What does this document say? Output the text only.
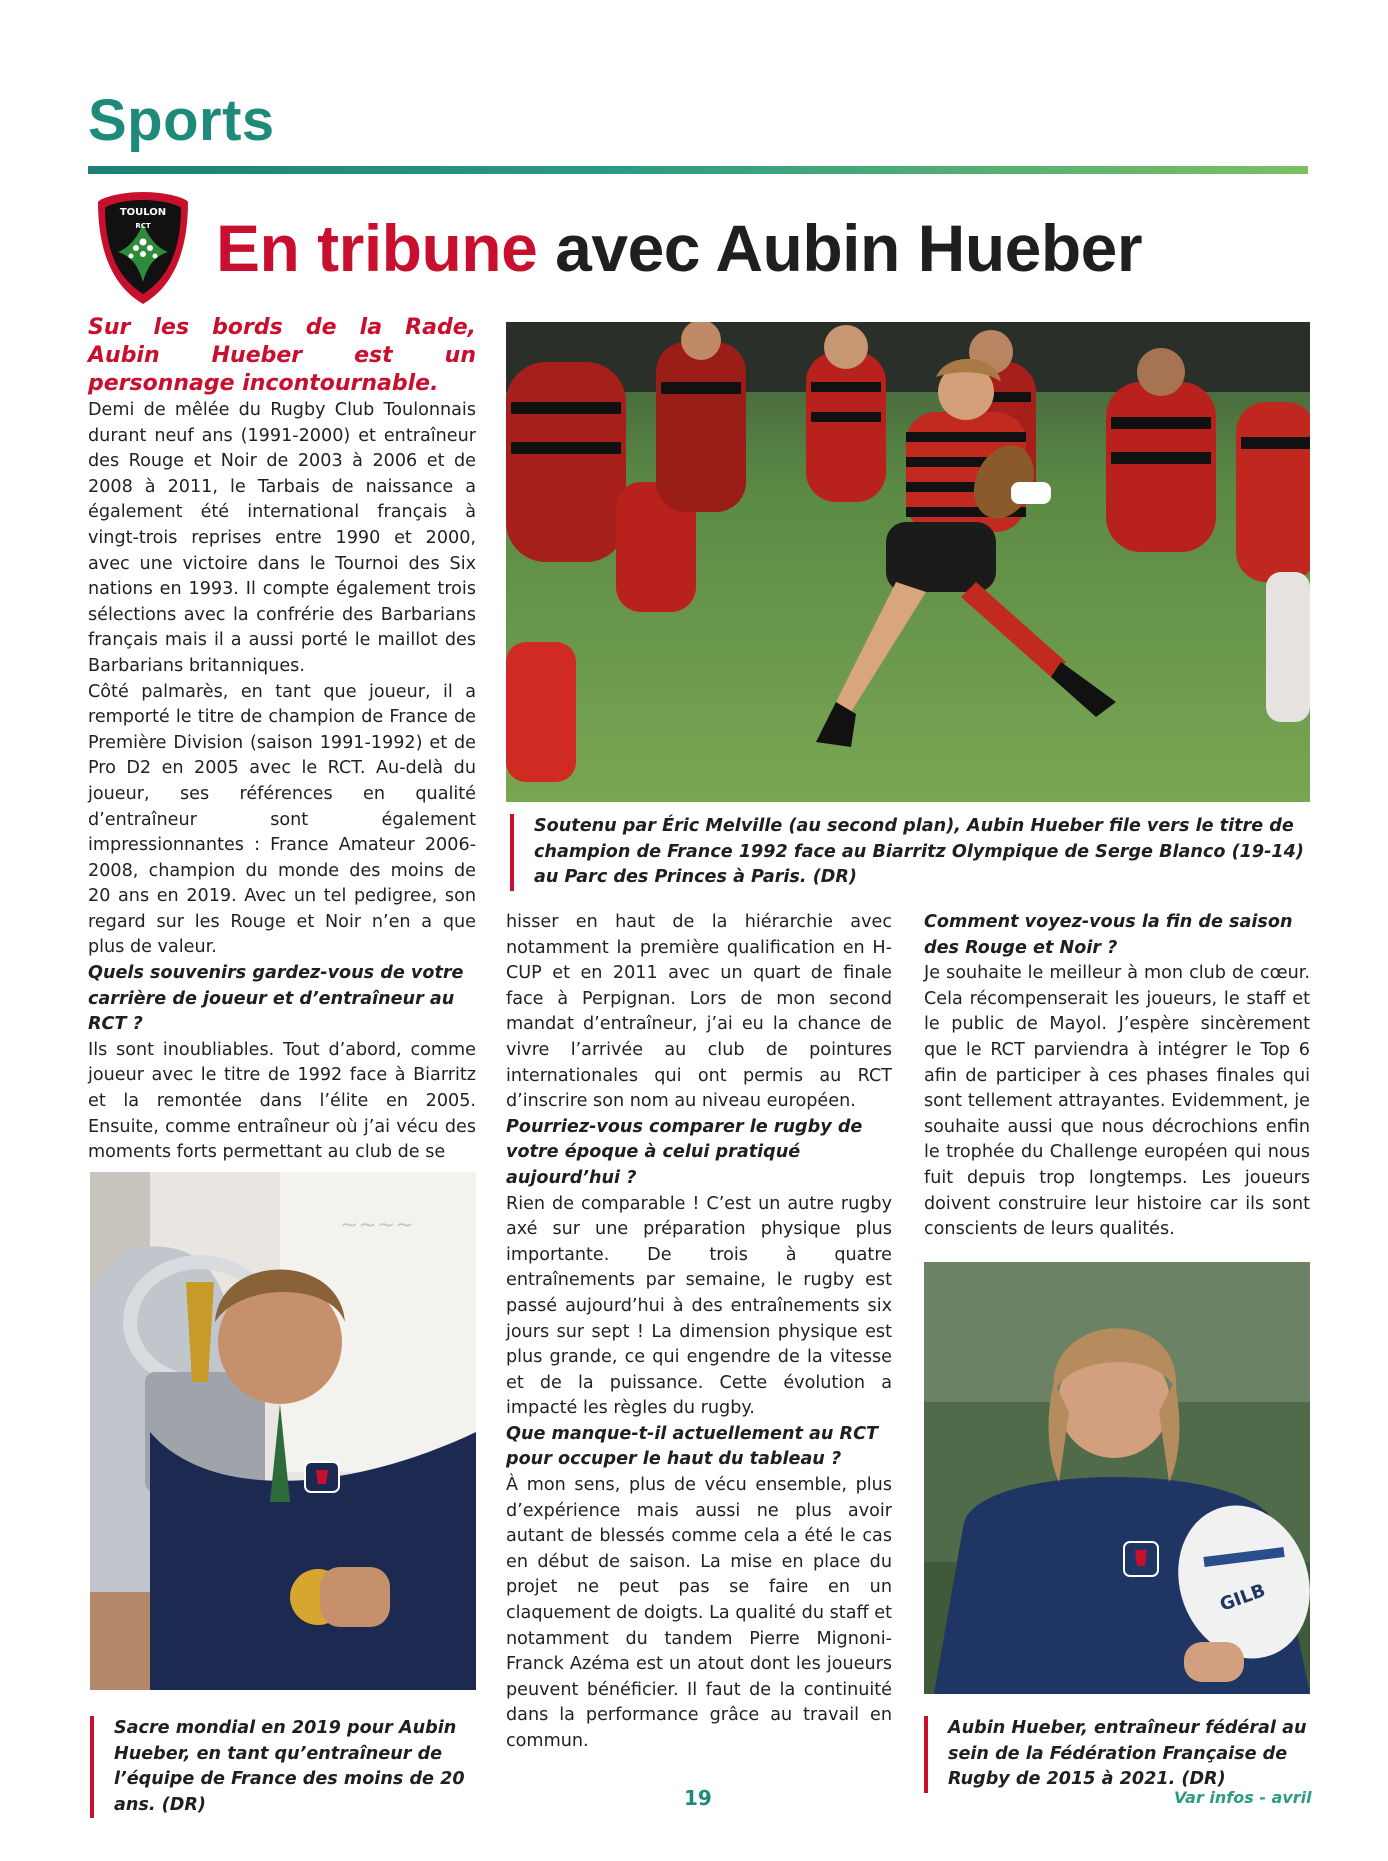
Sports
TOULON
RCT En tribune avec Aubin Hueber

Sur les bords de la Rade, Aubin Hueber est un personnage incontournable.

Demi de mêlée du Rugby Club Toulonnais durant neuf ans (1991-2000) et entraîneur des Rouge et Noir de 2003 à 2006 et de 2008 à 2011, le Tarbais de naissance a également été international français à vingt-trois reprises entre 1990 et 2000, avec une victoire dans le Tournoi des Six nations en 1993. Il compte également trois sélections avec la confrérie des Barbarians français mais il a aussi porté le maillot des Barbarians britanniques.

Côté palmarès, en tant que joueur, il a remporté le titre de champion de France de Première Division (saison 1991-1992) et de Pro D2 en 2005 avec le RCT. Au-delà du joueur, ses références en qualité d’entraîneur sont également impressionnantes : France Amateur 2006-2008, champion du monde des moins de 20 ans en 2019. Avec un tel pedigree, son regard sur les Rouge et Noir n’en a que plus de valeur.

Quels souvenirs gardez-vous de votre carrière de joueur et d’entraîneur au RCT ?

Ils sont inoubliables. Tout d’abord, comme joueur avec le titre de 1992 face à Biarritz et la remontée dans l’élite en 2005. Ensuite, comme entraîneur où j’ai vécu des moments forts permettant au club de se

Soutenu par Éric Melville (au second plan), Aubin Hueber file vers le titre de champion de France 1992 face au Biarritz Olympique de Serge Blanco (19-14) au Parc des Princes à Paris. (DR)
~~~~
Sacre mondial en 2019 pour Aubin Hueber, en tant qu’entraîneur de l’équipe de France des moins de 20 ans. (DR)

hisser en haut de la hiérarchie avec notamment la première qualification en H-CUP et en 2011 avec un quart de finale face à Perpignan. Lors de mon second mandat d’entraîneur, j’ai eu la chance de vivre l’arrivée au club de pointures internationales qui ont permis au RCT d’inscrire son nom au niveau européen.

Pourriez-vous comparer le rugby de votre époque à celui pratiqué aujourd’hui ?

Rien de comparable ! C’est un autre rugby axé sur une préparation physique plus importante. De trois à quatre entraînements par semaine, le rugby est passé aujourd’hui à des entraînements six jours sur sept ! La dimension physique est plus grande, ce qui engendre de la vitesse et de la puissance. Cette évolution a impacté les règles du rugby.

Que manque-t-il actuellement au RCT pour occuper le haut du tableau ?

À mon sens, plus de vécu ensemble, plus d’expérience mais aussi ne plus avoir autant de blessés comme cela a été le cas en début de saison. La mise en place du projet ne peut pas se faire en un claquement de doigts. La qualité du staff et notamment du tandem Pierre Mignoni-Franck Azéma est un atout dont les joueurs peuvent bénéficier. Il faut de la continuité dans la performance grâce au travail en commun.

Comment voyez-vous la fin de saison des Rouge et Noir ?

Je souhaite le meilleur à mon club de cœur. Cela récompenserait les joueurs, le staff et le public de Mayol. J’espère sincèrement que le RCT parviendra à intégrer le Top 6 afin de participer à ces phases finales qui sont tellement attrayantes. Evidemment, je souhaite aussi que nous décrochions enfin le trophée du Challenge européen qui nous fuit depuis trop longtemps. Les joueurs doivent construire leur histoire car ils sont conscients de leurs qualités.

GILB
Aubin Hueber, entraîneur fédéral au sein de la Fédération Française de Rugby de 2015 à 2021. (DR)
19	Var infos - avril
